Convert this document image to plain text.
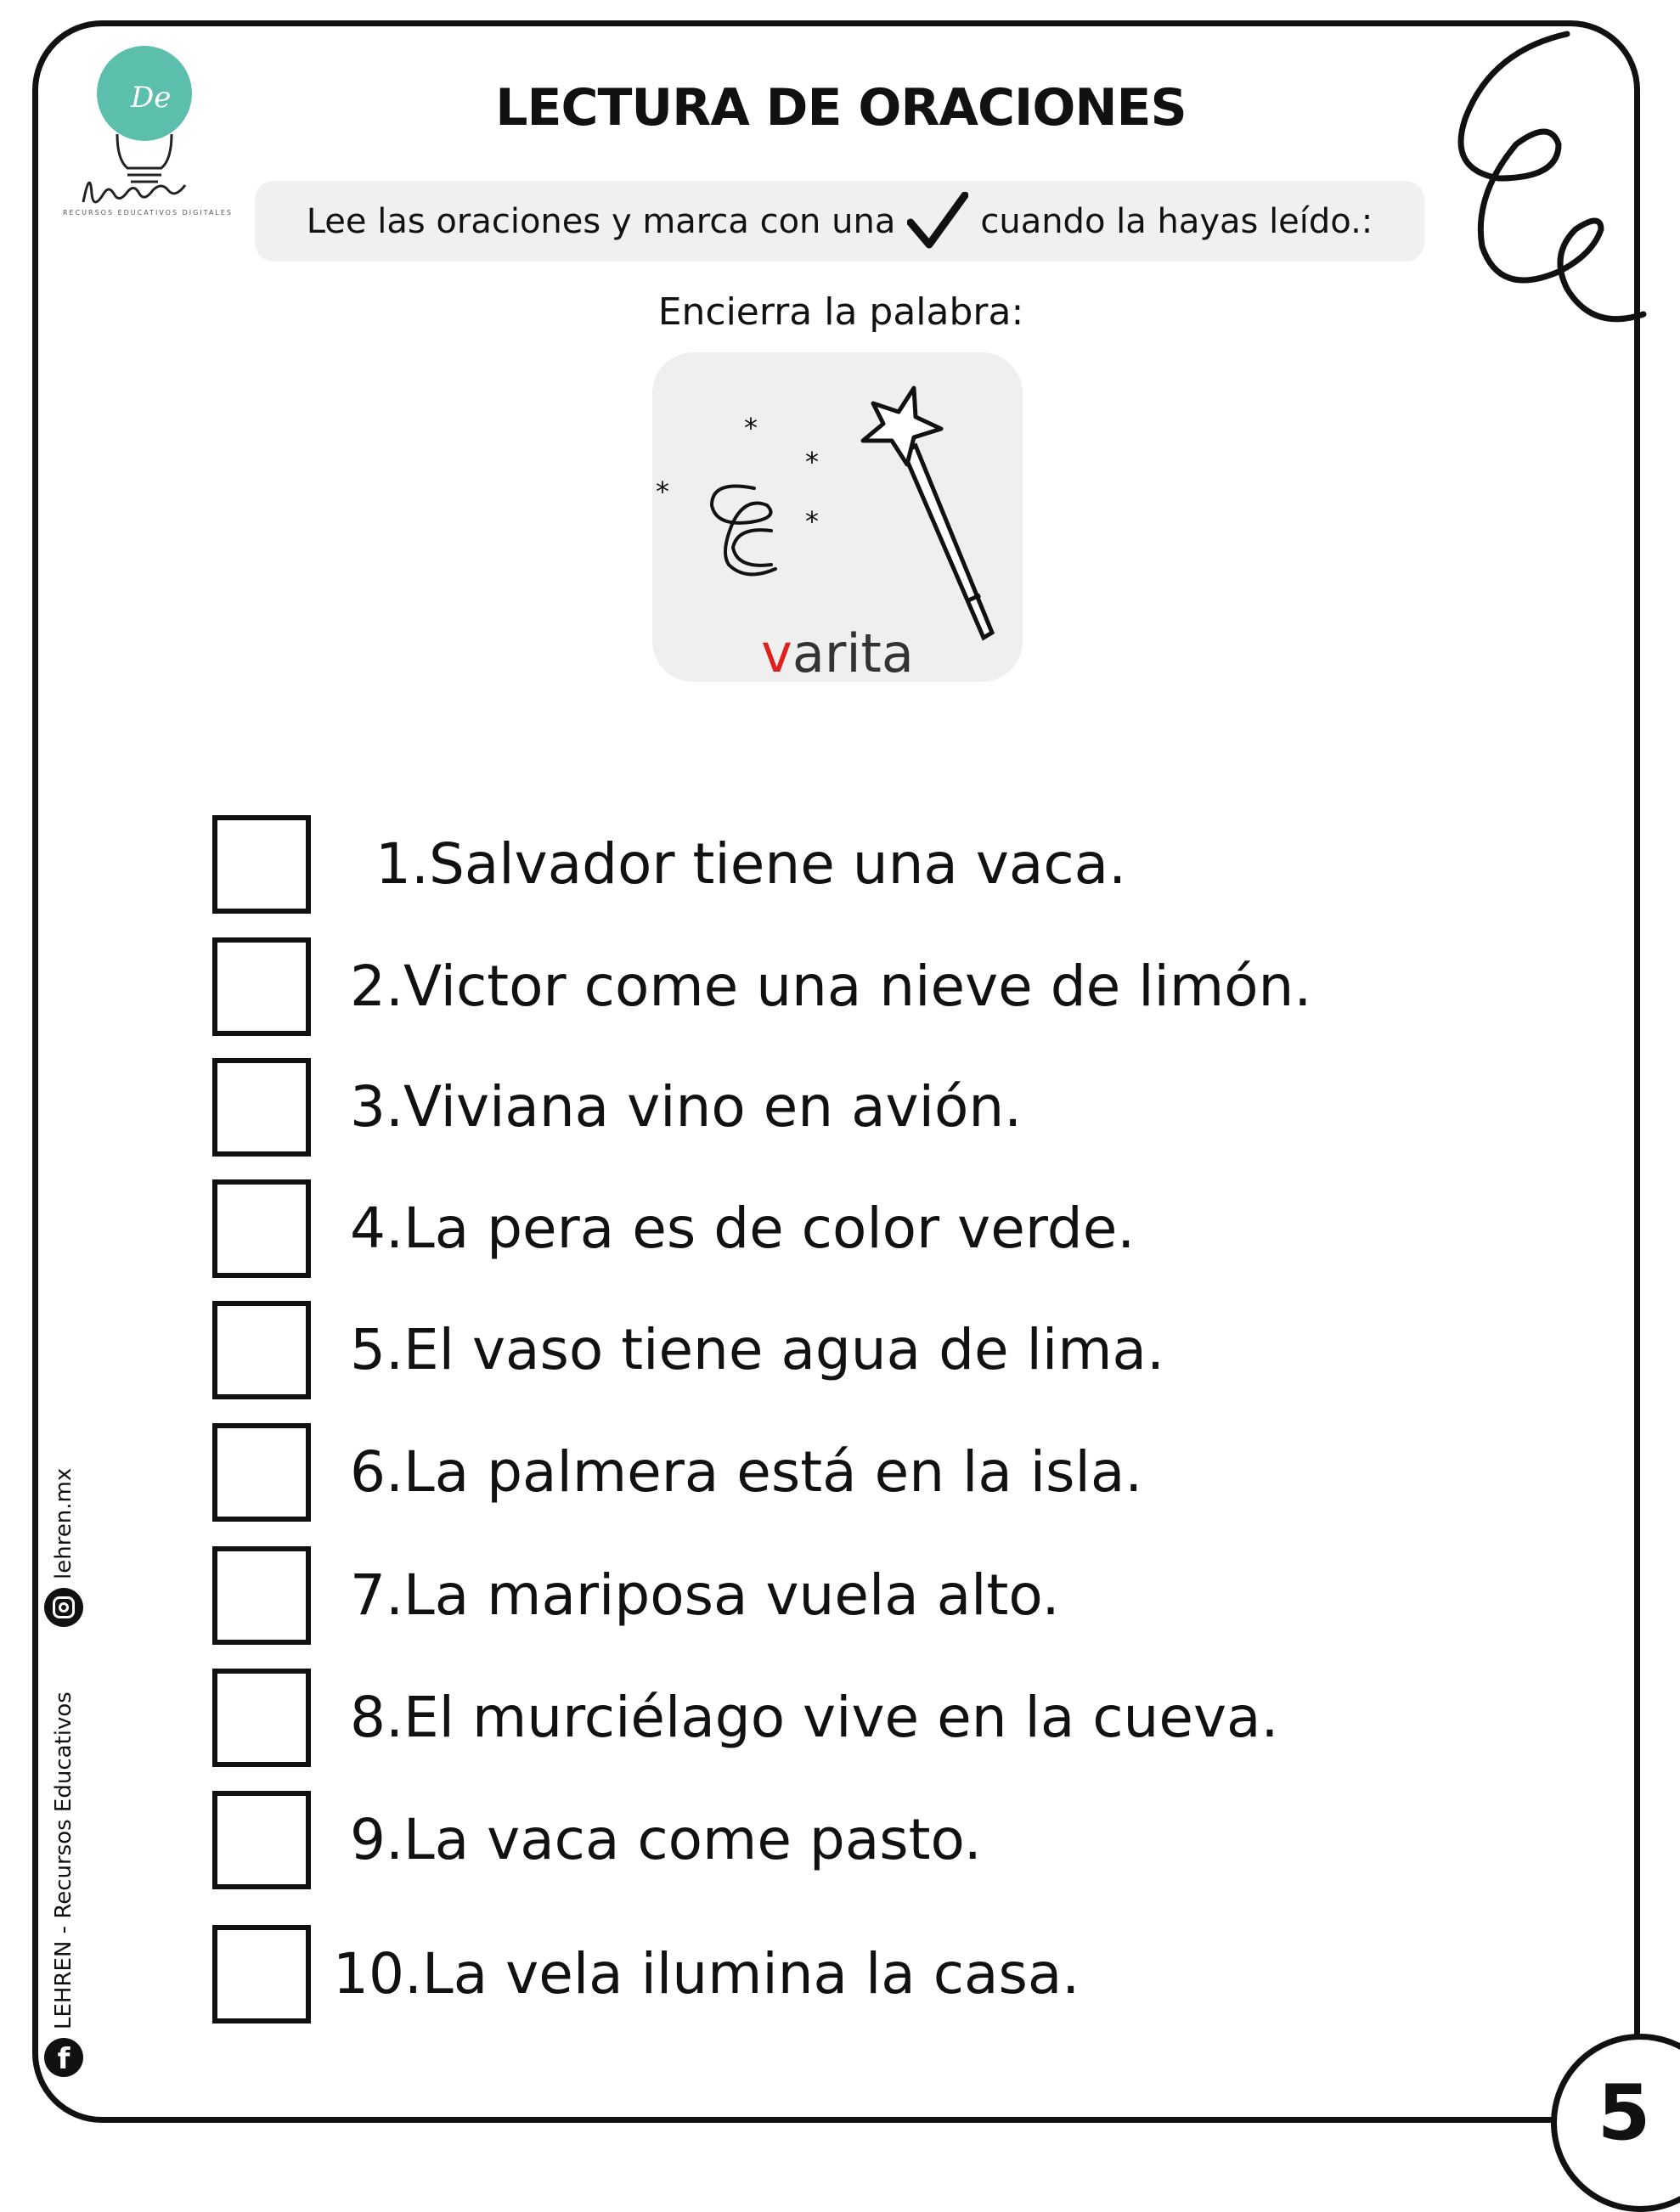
De
RECURSOS EDUCATIVOS DIGITALES
LECTURA DE ORACIONES
Lee las oraciones y marca con una	cuando la hayas leído.:
Encierra la palabra:
*
*
*
*
varita
1.Salvador tiene una vaca.
2.Victor come una nieve de limón.
3.Viviana vino en avión.
4.La pera es de color verde.
5.El vaso tiene agua de lima.
6.La palmera está en la isla.
7.La mariposa vuela alto.
8.El murciélago vive en la cueva.
9.La vaca come pasto.
10.La vela ilumina la casa.
lehren.mx
LEHREN - Recursos Educativos
f
5
